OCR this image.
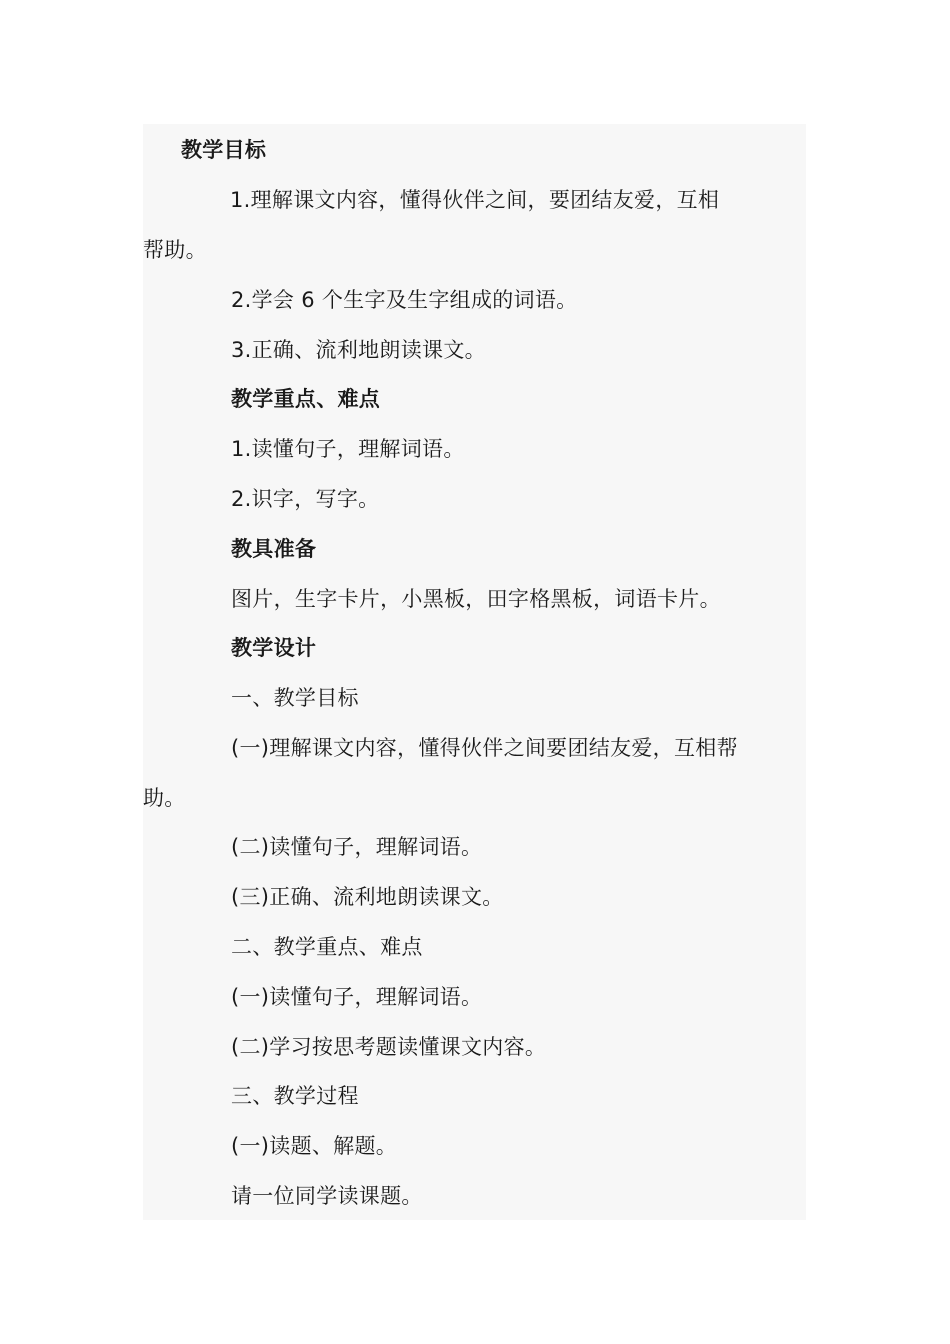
教学目标
1.理解课文内容，懂得伙伴之间，要团结友爱，互相
帮助。
2.学会 6 个生字及生字组成的词语。
3.正确、流利地朗读课文。
教学重点、难点
1.读懂句子，理解词语。
2.识字，写字。
教具准备
图片，生字卡片，小黑板，田字格黑板，词语卡片。
教学设计
一、教学目标
(一)理解课文内容，懂得伙伴之间要团结友爱，互相帮
助。
(二)读懂句子，理解词语。
(三)正确、流利地朗读课文。
二、教学重点、难点
(一)读懂句子，理解词语。
(二)学习按思考题读懂课文内容。
三、教学过程
(一)读题、解题。
请一位同学读课题。
